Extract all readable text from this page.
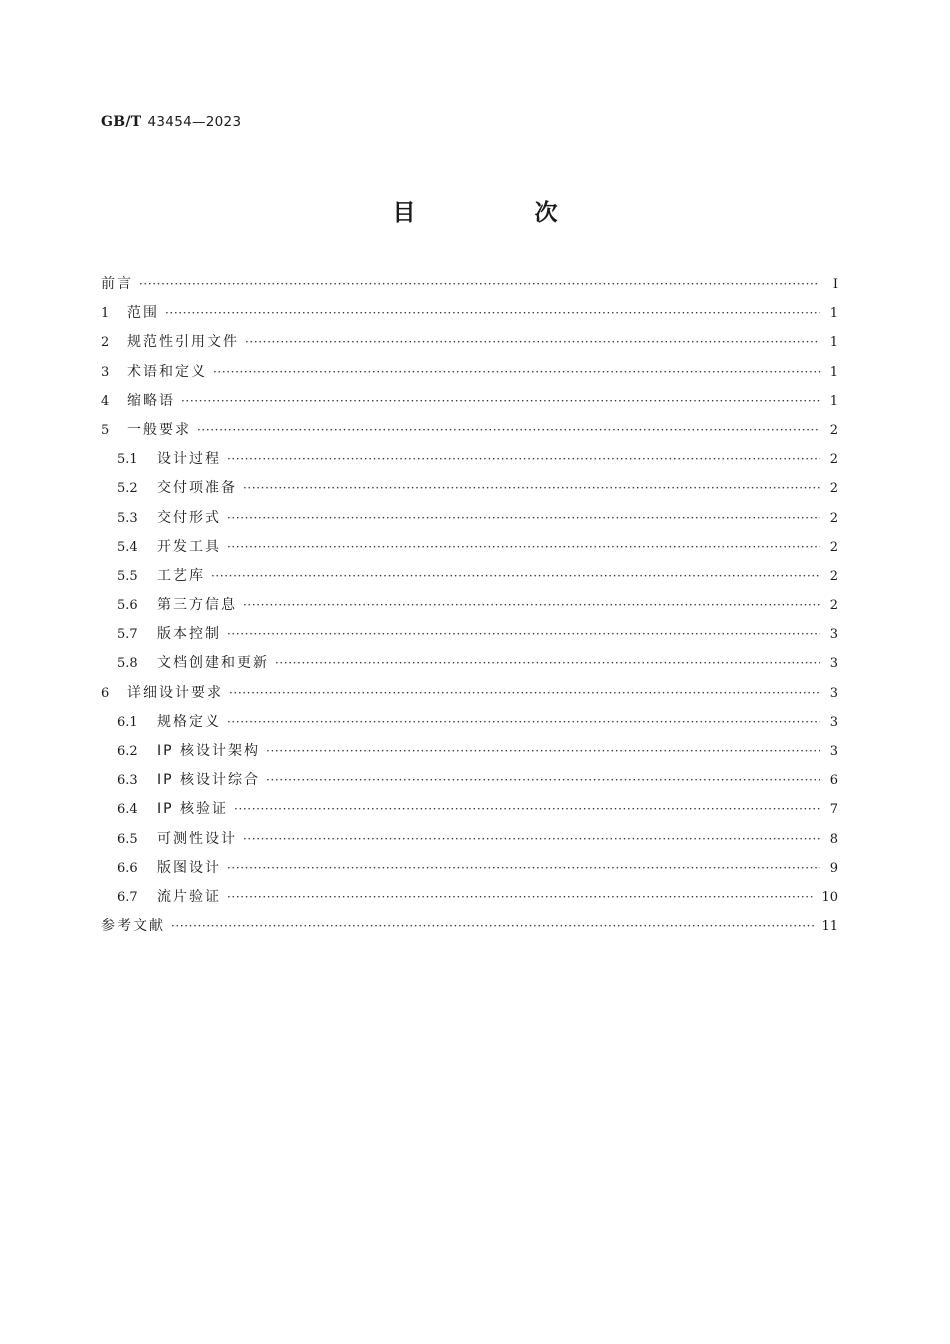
GB/T 43454—2023
目　次
前言 ·····	Ⅰ
1	范围 ·····	1
2	规范性引用文件 ·····	1
3	术语和定义 ·····	1
4	缩略语 ·····	1
5	一般要求 ·····	2
5.1	设计过程 ·····	2
5.2	交付项准备 ·····	2
5.3	交付形式 ·····	2
5.4	开发工具 ·····	2
5.5	工艺库 ·····	2
5.6	第三方信息 ·····	2
5.7	版本控制 ·····	3
5.8	文档创建和更新 ·····	3
6	详细设计要求 ·····	3
6.1	规格定义 ·····	3
6.2	IP 核设计架构 ·····	3
6.3	IP 核设计综合 ·····	6
6.4	IP 核验证 ·····	7
6.5	可测性设计 ·····	8
6.6	版图设计 ·····	9
6.7	流片验证 ·····	10
参考文献 ·····	11
